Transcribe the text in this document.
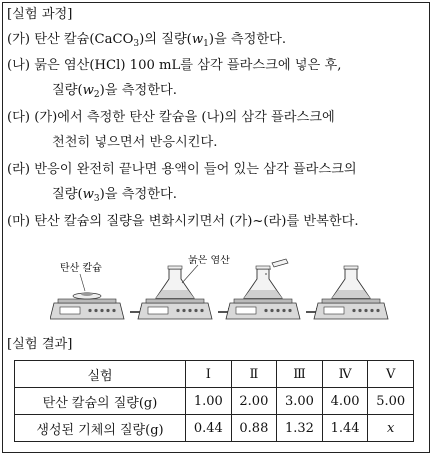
[실험 과정]
(가) 탄산 칼슘(CaCO$_3$)의 질량$(w_1)$을 측정한다.
(나) 묽은 염산(HCl) 100 mL를 삼각 플라스크에 넣은 후,
질량$(w_2)$을 측정한다.
(다) (가)에서 측정한 탄산 칼슘을 (나)의 삼각 플라스크에
천천히 넣으면서 반응시킨다.
(라) 반응이 완전히 끝나면 용액이 들어 있는 삼각 플라스크의
질량$(w_3)$을 측정한다.
(마) 탄산 칼슘의 질량을 변화시키면서 (가)~(라)를 반복한다.
탄산 칼슘
묽은 염산
[실험 결과]
실험	Ⅰ	Ⅱ	Ⅲ	Ⅳ	Ⅴ
탄산 칼슘의 질량(g)	1.00	2.00	3.00	4.00	5.00
생성된 기체의 질량(g)	0.44	0.88	1.32	1.44	x
